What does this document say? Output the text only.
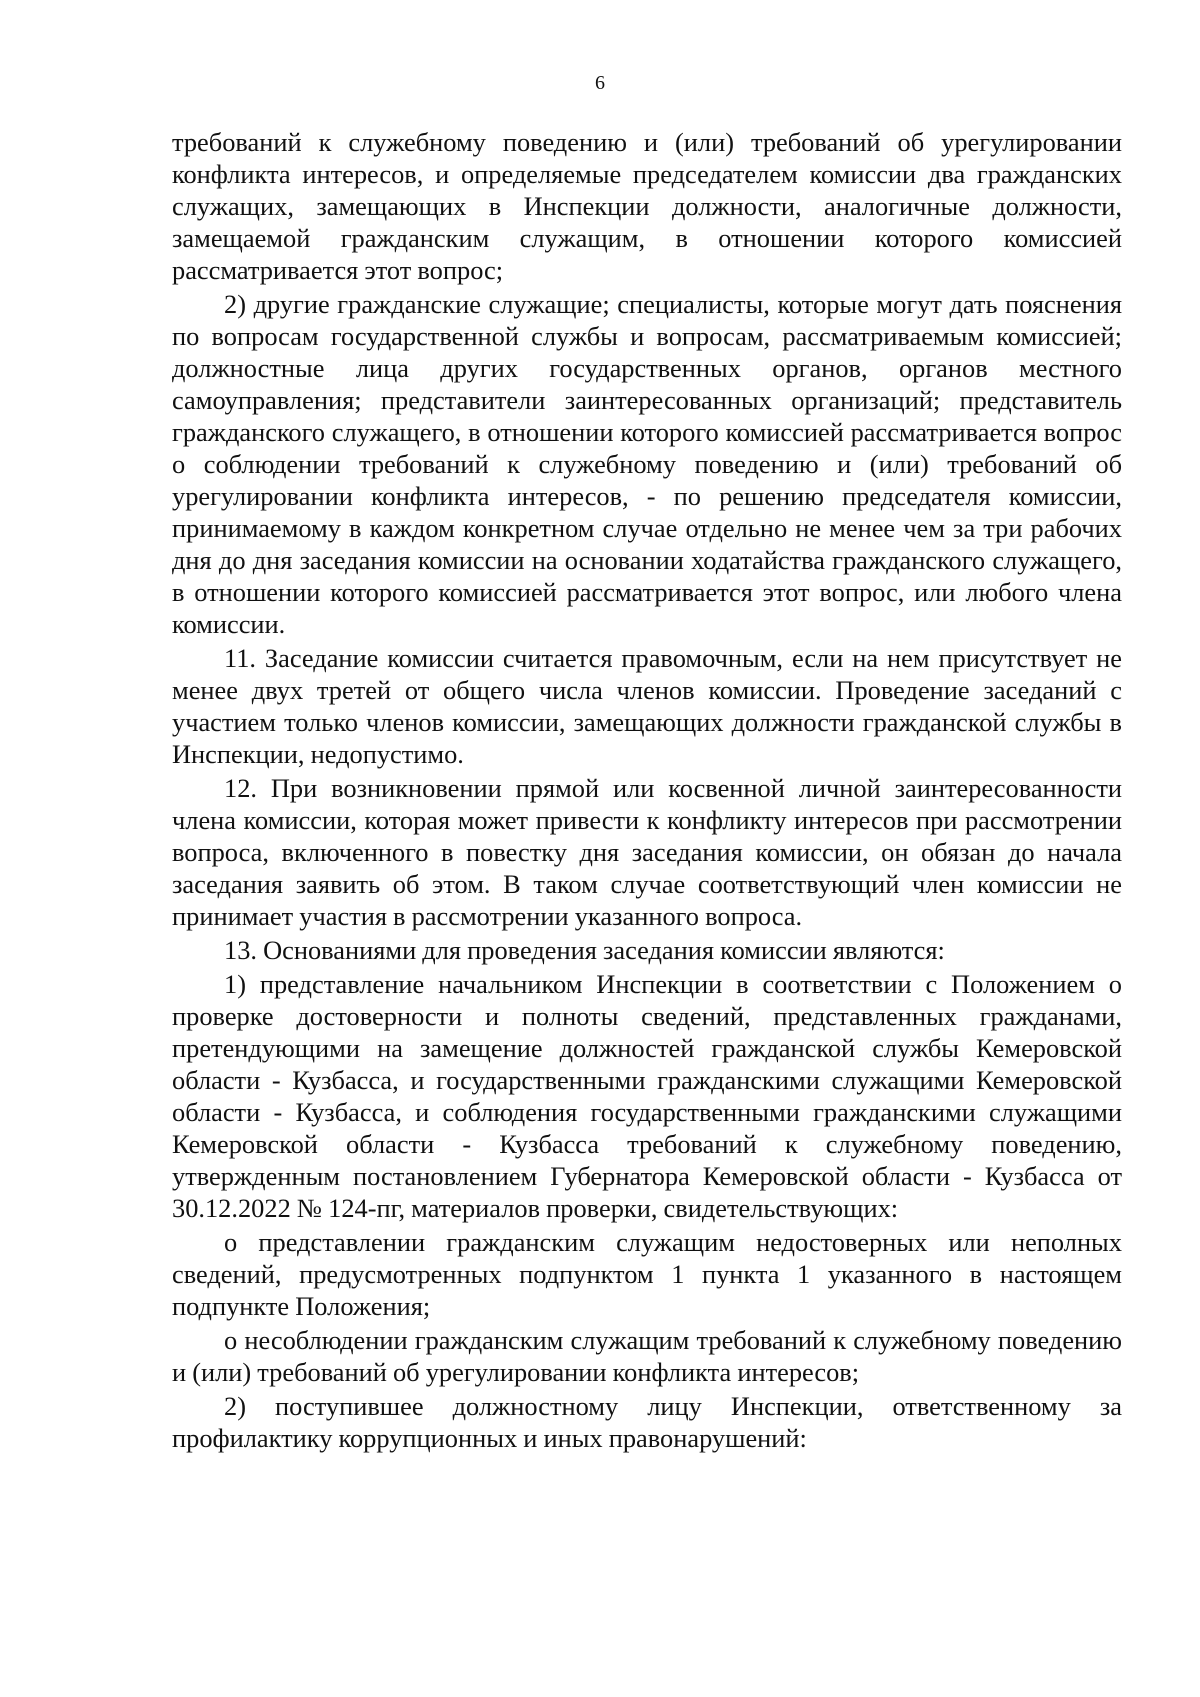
6

требований к служебному поведению и (или) требований об урегулировании конфликта интересов, и определяемые председателем комиссии два гражданских служащих, замещающих в Инспекции должности, аналогичные должности, замещаемой гражданским служащим, в отношении которого комиссией рассматривается этот вопрос;

2) другие гражданские служащие; специалисты, которые могут дать пояснения по вопросам государственной службы и вопросам, рассматриваемым комиссией; должностные лица других государственных органов, органов местного самоуправления; представители заинтересованных организаций; представитель гражданского служащего, в отношении которого комиссией рассматривается вопрос о соблюдении требований к служебному поведению и (или) требований об урегулировании конфликта интересов, - по решению председателя комиссии, принимаемому в каждом конкретном случае отдельно не менее чем за три рабочих дня до дня заседания комиссии на основании ходатайства гражданского служащего, в отношении которого комиссией рассматривается этот вопрос, или любого члена комиссии.

11. Заседание комиссии считается правомочным, если на нем присутствует не менее двух третей от общего числа членов комиссии. Проведение заседаний с участием только членов комиссии, замещающих должности гражданской службы в Инспекции, недопустимо.

12. При возникновении прямой или косвенной личной заинтересованности члена комиссии, которая может привести к конфликту интересов при рассмотрении вопроса, включенного в повестку дня заседания комиссии, он обязан до начала заседания заявить об этом. В таком случае соответствующий член комиссии не принимает участия в рассмотрении указанного вопроса.

13. Основаниями для проведения заседания комиссии являются:

1) представление начальником Инспекции в соответствии с Положением о проверке достоверности и полноты сведений, представленных гражданами, претендующими на замещение должностей гражданской службы Кемеровской области - Кузбасса, и государственными гражданскими служащими Кемеровской области - Кузбасса, и соблюдения государственными гражданскими служащими Кемеровской области - Кузбасса требований к служебному поведению, утвержденным постановлением Губернатора Кемеровской области - Кузбасса от 30.12.2022 № 124-пг, материалов проверки, свидетельствующих:

о представлении гражданским служащим недостоверных или неполных сведений, предусмотренных подпунктом 1 пункта 1 указанного в настоящем подпункте Положения;

о несоблюдении гражданским служащим требований к служебному поведению и (или) требований об урегулировании конфликта интересов;

2) поступившее должностному лицу Инспекции, ответственному за профилактику коррупционных и иных правонарушений:
